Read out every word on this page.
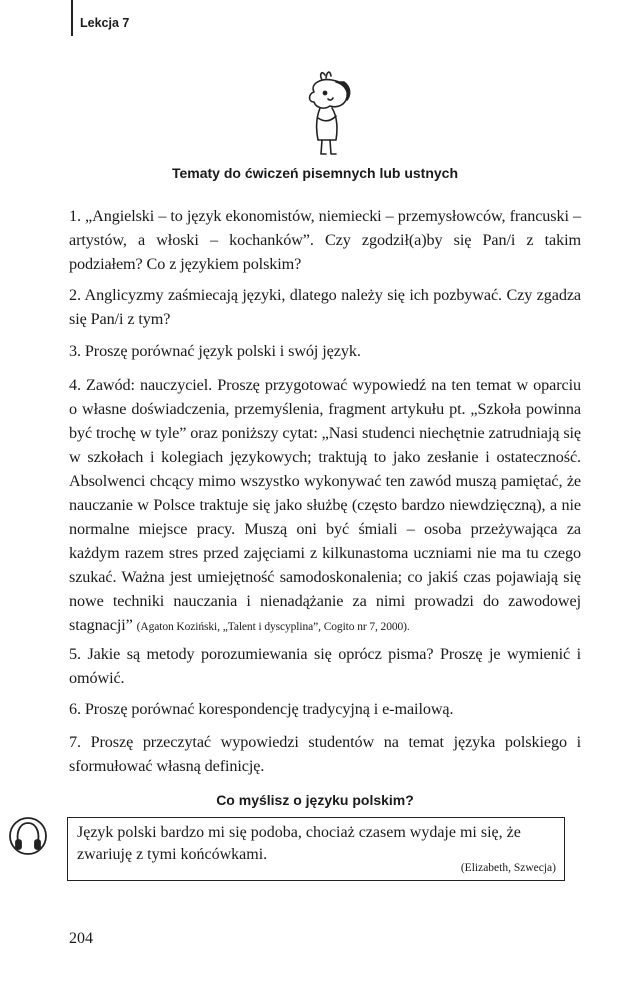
Lekcja 7
Tematy do ćwiczeń pisemnych lub ustnych
1. „Angielski – to język ekonomistów, niemiecki – przemysłowców, francuski – artystów, a włoski – kochanków”. Czy zgodził(a)by się Pan/i z takim podziałem? Co z językiem polskim?
2. Anglicyzmy zaśmiecają języki, dlatego należy się ich pozbywać. Czy zgadza się Pan/i z tym?
3. Proszę porównać język polski i swój język.
4. Zawód: nauczyciel. Proszę przygotować wypowiedź na ten temat w oparciu o własne doświadczenia, przemyślenia, fragment artykułu pt. „Szkoła powinna być trochę w tyle” oraz poniższy cytat: „Nasi studenci niechętnie zatrudniają się w szkołach i kolegiach językowych; traktują to jako zesłanie i ostateczność. Absolwenci chcący mimo wszystko wykonywać ten zawód muszą pamiętać, że nauczanie w Polsce traktuje się jako służbę (często bardzo niewdzięczną), a nie normalne miejsce pracy. Muszą oni być śmiali – osoba przeżywająca za każdym razem stres przed zajęciami z kilkunastoma uczniami nie ma tu czego szukać. Ważna jest umiejętność samodoskonalenia; co jakiś czas pojawiają się nowe techniki nauczania i nienadążanie za nimi prowadzi do zawodowej stagnacji” (Agaton Koziński, „Talent i dyscyplina”, Cogito nr 7, 2000).
5. Jakie są metody porozumiewania się oprócz pisma? Proszę je wymienić i omówić.
6. Proszę porównać korespondencję tradycyjną i e-mailową.
7. Proszę przeczytać wypowiedzi studentów na temat języka polskiego i sformułować własną definicję.
Co myślisz o języku polskim?
Język polski bardzo mi się podoba, chociaż czasem wydaje mi się, że zwariuję z tymi końcówkami.
(Elizabeth, Szwecja)
204
